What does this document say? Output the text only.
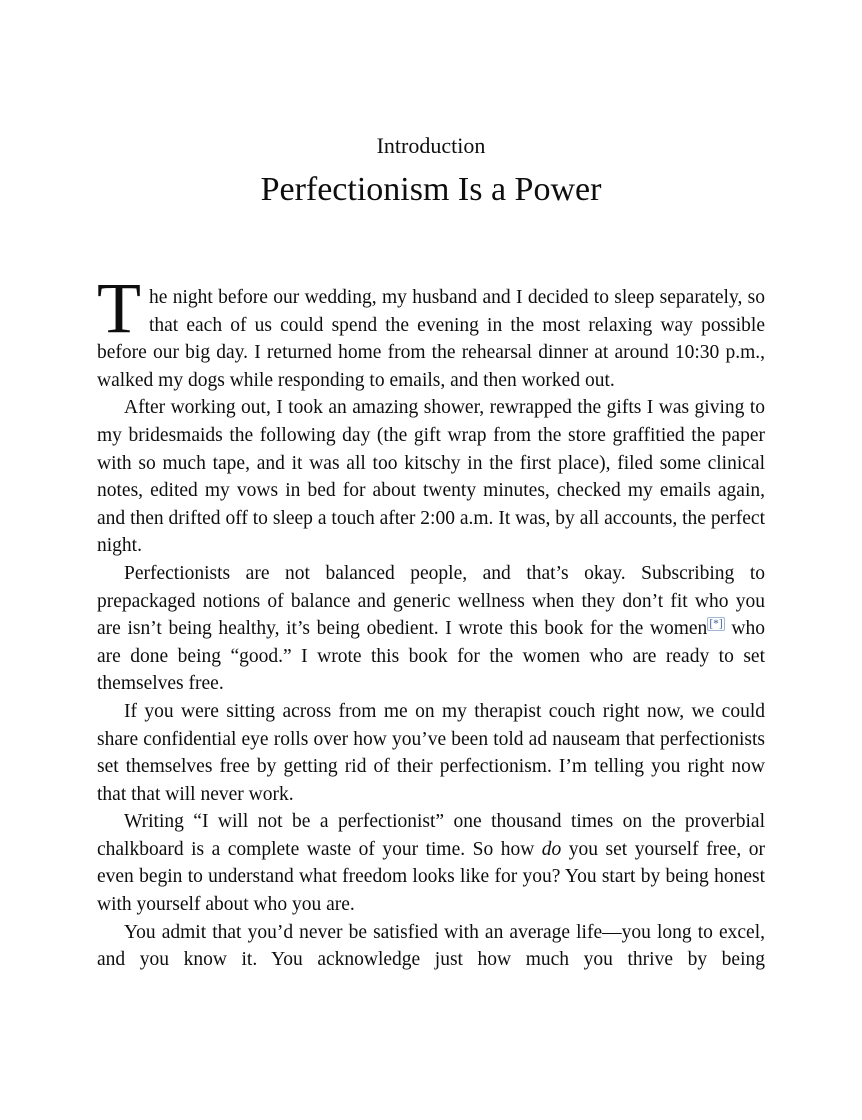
Introduction
Perfectionism Is a Power

The night before our wedding, my husband and I decided to sleep separately, so that each of us could spend the evening in the most relaxing way possible before our big day. I returned home from the rehearsal dinner at around 10:30 p.m., walked my dogs while responding to emails, and then worked out.

After working out, I took an amazing shower, rewrapped the gifts I was giving to my bridesmaids the following day (the gift wrap from the store graffitied the paper with so much tape, and it was all too kitschy in the first place), filed some clinical notes, edited my vows in bed for about twenty minutes, checked my emails again, and then drifted off to sleep a touch after 2:00 a.m. It was, by all accounts, the perfect night.

Perfectionists are not balanced people, and that’s okay. Subscribing to prepackaged notions of balance and generic wellness when they don’t fit who you are isn’t being healthy, it’s being obedient. I wrote this book for the women [*] who are done being “good.” I wrote this book for the women who are ready to set themselves free.

If you were sitting across from me on my therapist couch right now, we could share confidential eye rolls over how you’ve been told ad nauseam that perfectionists set themselves free by getting rid of their perfectionism. I’m telling you right now that that will never work.

Writing “I will not be a perfectionist” one thousand times on the proverbial chalkboard is a complete waste of your time. So how do you set yourself free, or even begin to understand what freedom looks like for you? You start by being honest with yourself about who you are.

You admit that you’d never be satisfied with an average life—you long to excel, and you know it. You acknowledge just how much you thrive by being
